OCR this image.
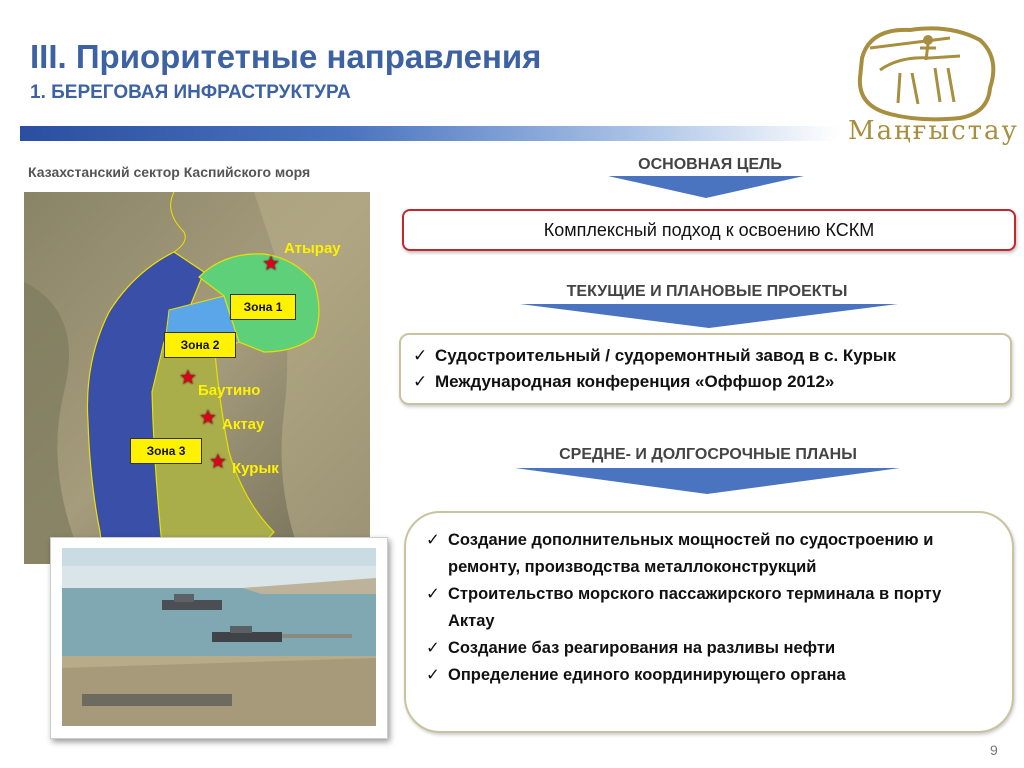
III. Приоритетные направления
1. БЕРЕГОВАЯ ИНФРАСТРУКТУРА
Маңғыстау
Казахстанский сектор Каспийского моря
Зона 1
Зона 2
Зона 3
★
Атырау
★
Баутино
★ Актау
★ Курык
ОСНОВНАЯ ЦЕЛЬ
Комплексный подход к освоению КСКМ
ТЕКУЩИЕ И ПЛАНОВЫЕ ПРОЕКТЫ
✓ Судостроительный / судоремонтный завод в с. Курык
✓ Международная конференция «Оффшор 2012»
СРЕДНЕ- И ДОЛГОСРОЧНЫЕ ПЛАНЫ
✓ Создание дополнительных мощностей по судостроению и ремонту, производства металлоконструкций
✓ Строительство морского пассажирского терминала в порту Актау
✓ Создание баз реагирования на разливы нефти
✓ Определение единого координирующего органа
9
